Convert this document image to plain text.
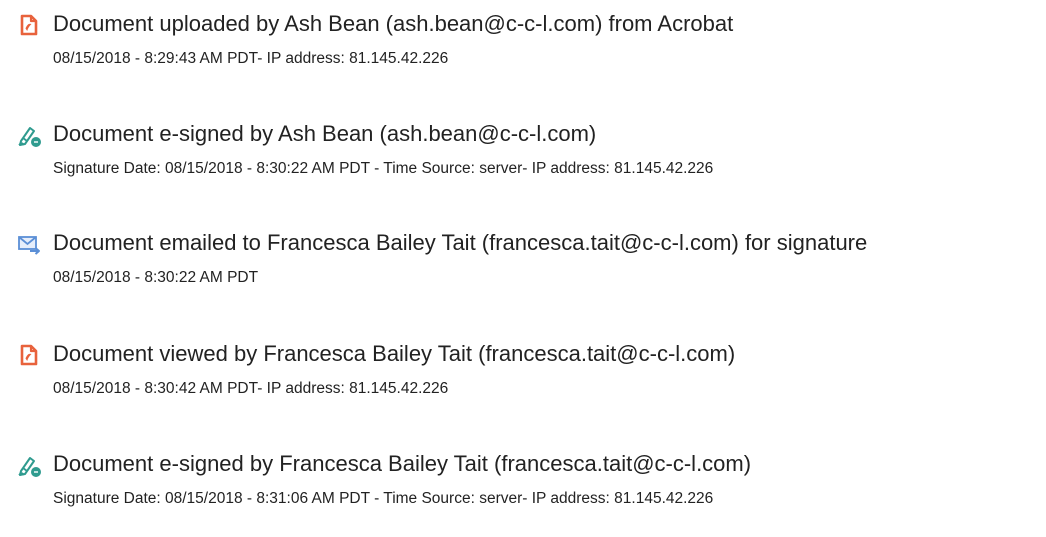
Document uploaded by Ash Bean (ash.bean@c-c-l.com) from Acrobat
08/15/2018 - 8:29:43 AM PDT- IP address: 81.145.42.226
Document e-signed by Ash Bean (ash.bean@c-c-l.com)
Signature Date: 08/15/2018 - 8:30:22 AM PDT - Time Source: server- IP address: 81.145.42.226
Document emailed to Francesca Bailey Tait (francesca.tait@c-c-l.com) for signature
08/15/2018 - 8:30:22 AM PDT
Document viewed by Francesca Bailey Tait (francesca.tait@c-c-l.com)
08/15/2018 - 8:30:42 AM PDT- IP address: 81.145.42.226
Document e-signed by Francesca Bailey Tait (francesca.tait@c-c-l.com)
Signature Date: 08/15/2018 - 8:31:06 AM PDT - Time Source: server- IP address: 81.145.42.226
